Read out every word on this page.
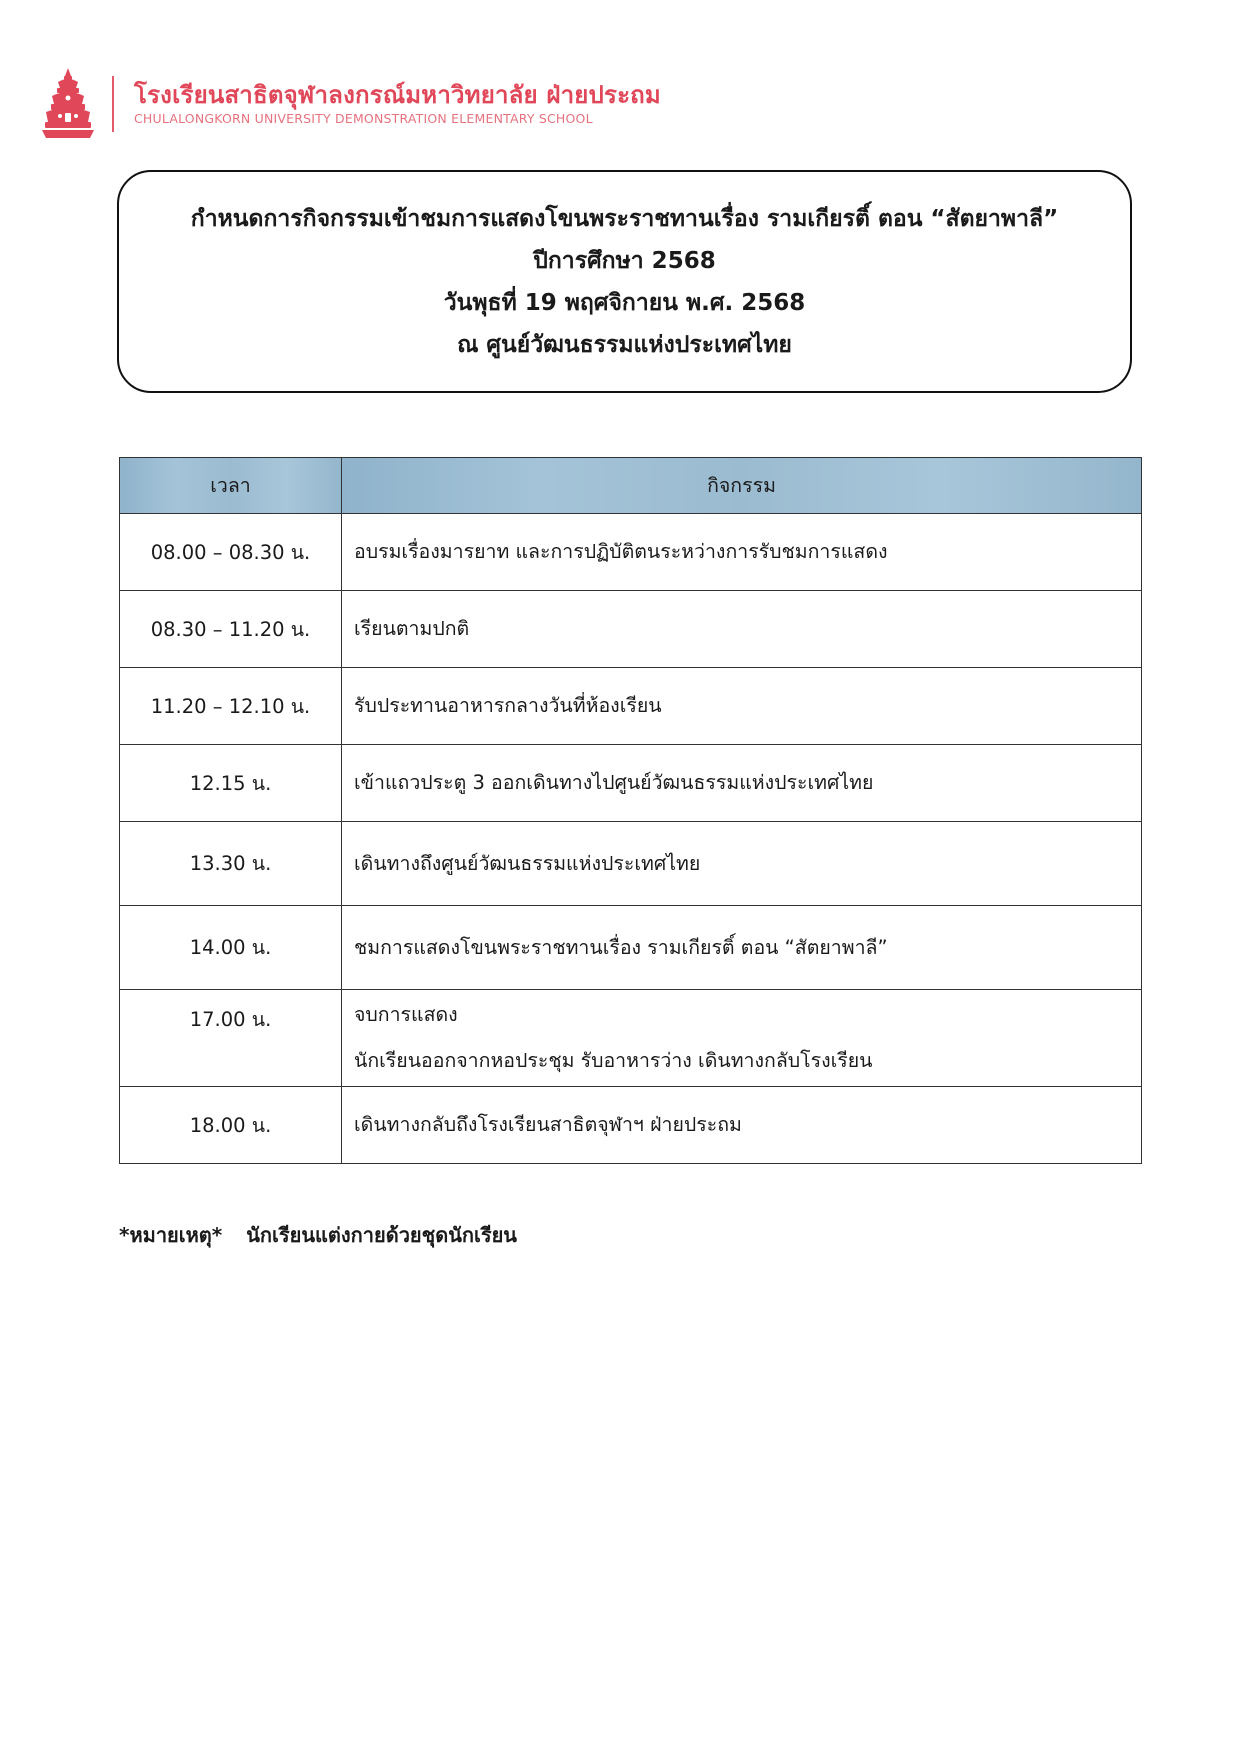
โรงเรียนสาธิตจุฬาลงกรณ์มหาวิทยาลัย ฝ่ายประถม
CHULALONGKORN UNIVERSITY DEMONSTRATION ELEMENTARY SCHOOL
กำหนดการกิจกรรมเข้าชมการแสดงโขนพระราชทานเรื่อง รามเกียรติ์ ตอน “สัตยาพาลี”
ปีการศึกษา 2568
วันพุธที่ 19 พฤศจิกายน พ.ศ. 2568
ณ ศูนย์วัฒนธรรมแห่งประเทศไทย
เวลา	กิจกรรม
08.00 – 08.30 น.	อบรมเรื่องมารยาท และการปฏิบัติตนระหว่างการรับชมการแสดง

08.30 – 11.20 น.	เรียนตามปกติ

11.20 – 12.10 น.	รับประทานอาหารกลางวันที่ห้องเรียน

12.15 น.	เข้าแถวประตู 3 ออกเดินทางไปศูนย์วัฒนธรรมแห่งประเทศไทย

13.30 น.	เดินทางถึงศูนย์วัฒนธรรมแห่งประเทศไทย

14.00 น.	ชมการแสดงโขนพระราชทานเรื่อง รามเกียรติ์ ตอน “สัตยาพาลี”

17.00 น.	จบการแสดง
นักเรียนออกจากหอประชุม รับอาหารว่าง เดินทางกลับโรงเรียน

18.00 น.	เดินทางกลับถึงโรงเรียนสาธิตจุฬาฯ ฝ่ายประถม
*หมายเหตุ* นักเรียนแต่งกายด้วยชุดนักเรียน
